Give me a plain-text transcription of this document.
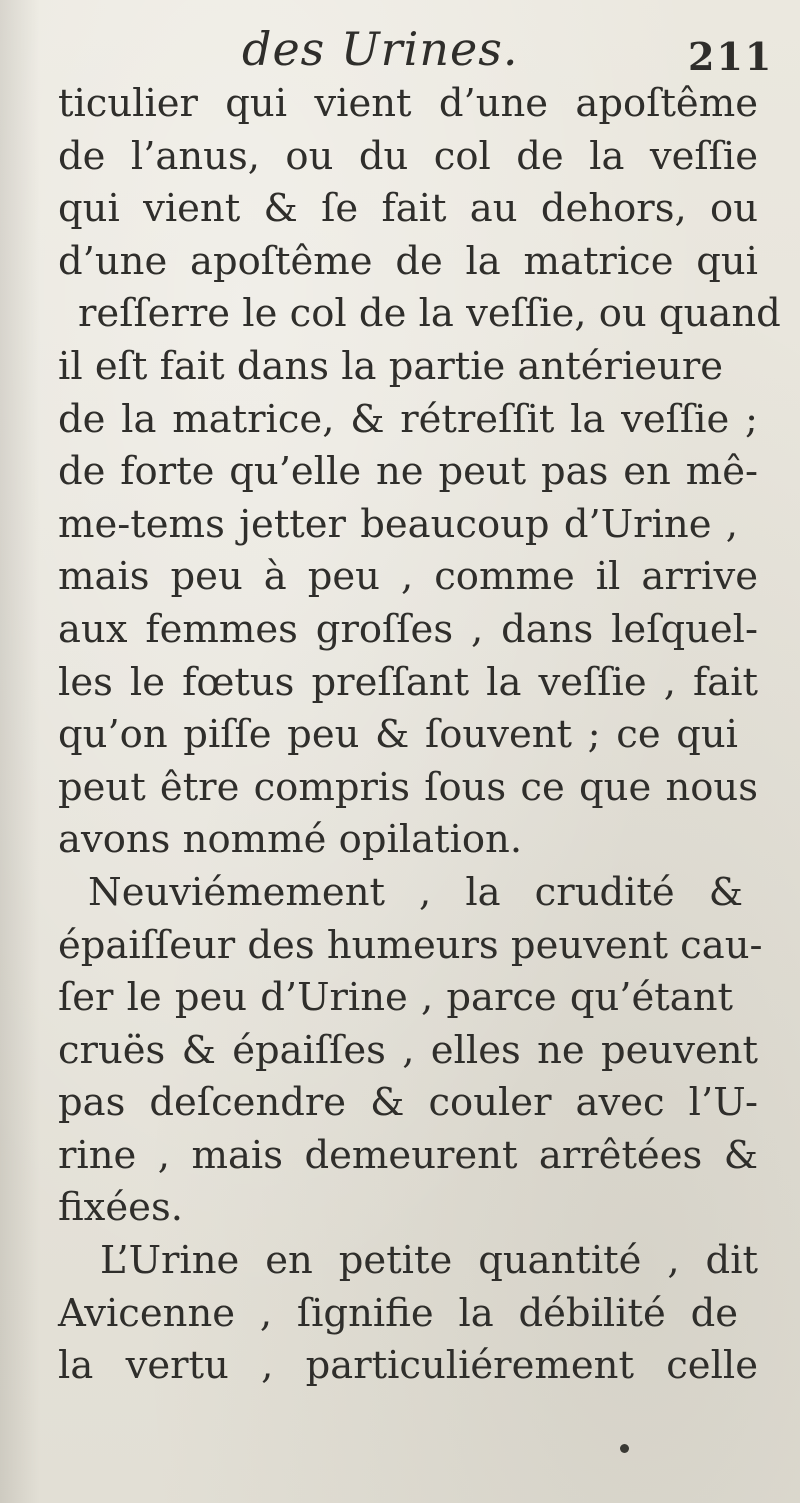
des Urines.	211
ticulier qui vient d’une apoſtême
de l’anus, ou du col de la veſſie
qui vient & ſe fait au dehors, ou
d’une apoſtême de la matrice qui
reſſerre le col de la veſſie, ou quand
il eſt fait dans la partie antérieure
de la matrice, & rétreſſit la veſſie ;
de forte qu’elle ne peut pas en mê-
me-tems jetter beaucoup d’Urine ,
mais peu à peu , comme il arrive
aux femmes groſſes , dans leſquel-
les le fœtus preſſant la veſſie , fait
qu’on piſſe peu & ſouvent ; ce qui
peut être compris ſous ce que nous
avons nommé opilation.
Neuviémement , la crudité &
épaiſſeur des humeurs peuvent cau-
ſer le peu d’Urine , parce qu’étant
cruës & épaiſſes , elles ne peuvent
pas deſcendre & couler avec l’U-
rine , mais demeurent arrêtées &
fixées.
L’Urine en petite quantité , dit
Avicenne , ſignifie la débilité de
la vertu , particuliérement celle
